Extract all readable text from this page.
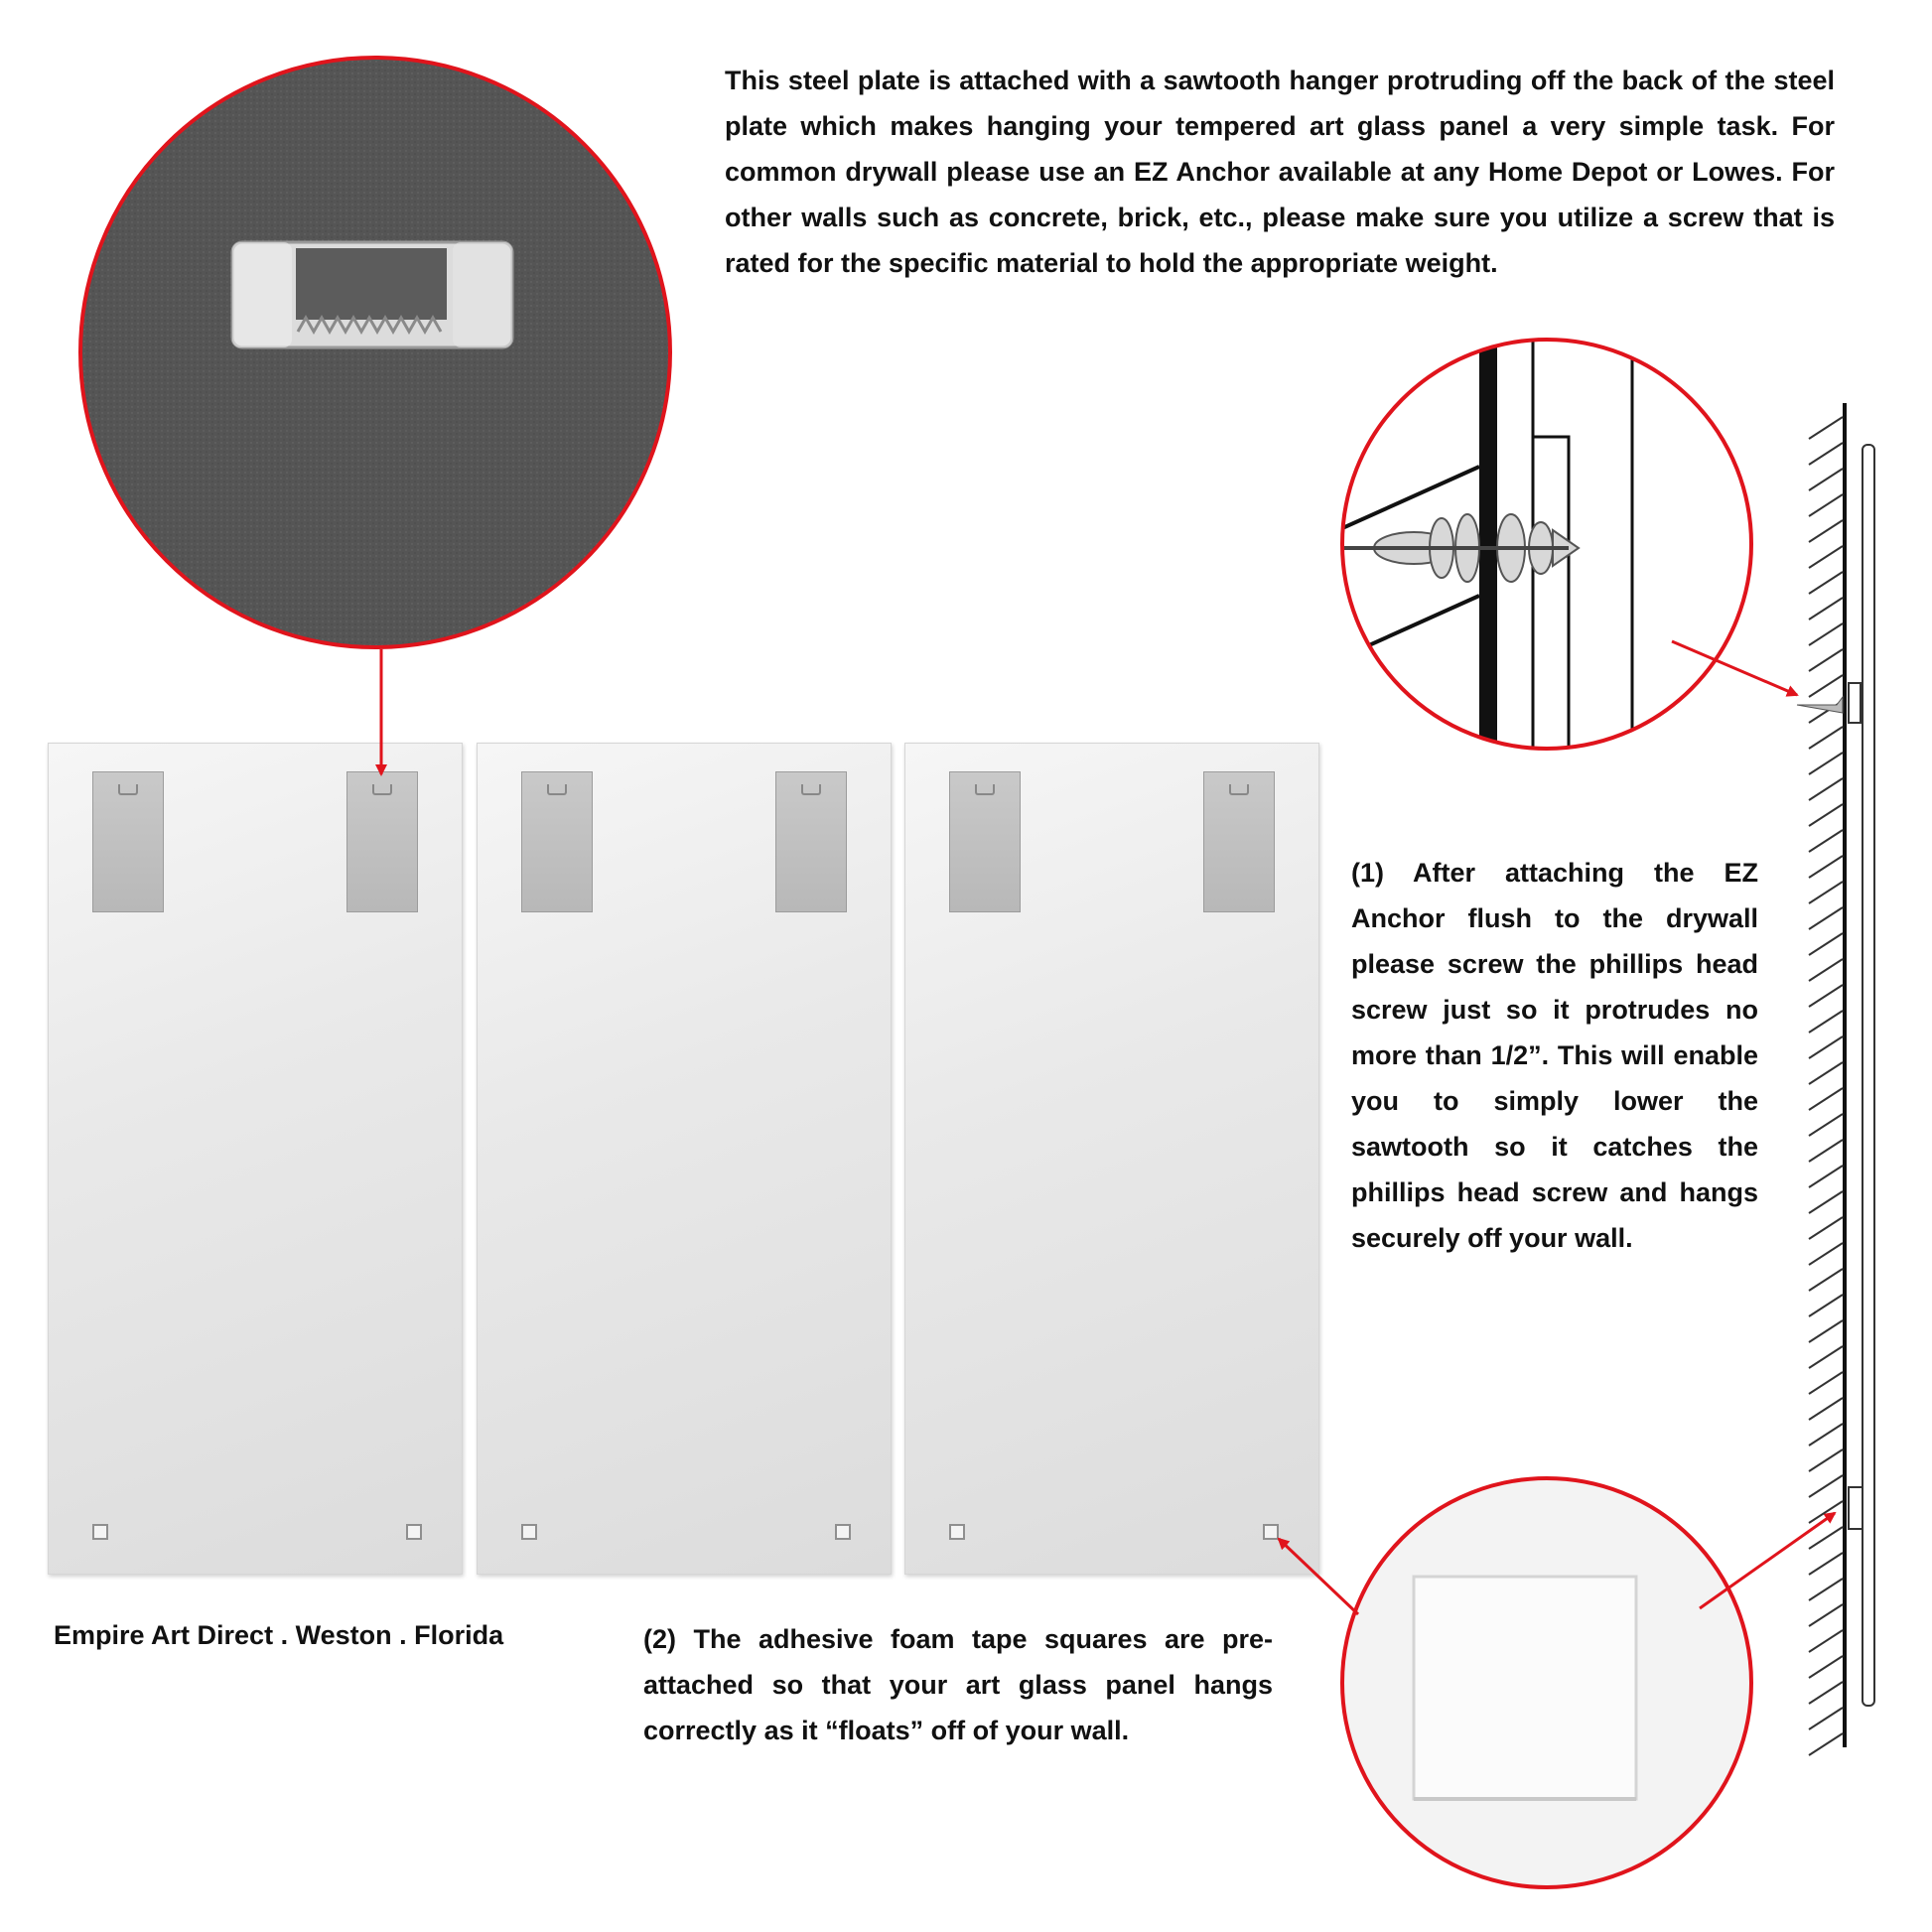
This steel plate is attached with a sawtooth hanger protruding off the back of the steel plate which makes hanging your tempered art glass panel a very simple task. For common drywall please use an EZ Anchor available at any Home Depot or Lowes. For other walls such as concrete, brick, etc., please make sure you utilize a screw that is rated for the specific material to hold the appropriate weight.

(1) After attaching the EZ Anchor flush to the drywall please screw the phillips head screw just so it protrudes no more than 1/2”. This will enable you to simply lower the sawtooth so it catches the phillips head screw and hangs securely off your wall.

(2) The adhesive foam tape squares are pre-attached so that your art glass panel hangs correctly as it “floats” off of your wall.

Empire Art Direct . Weston . Florida
